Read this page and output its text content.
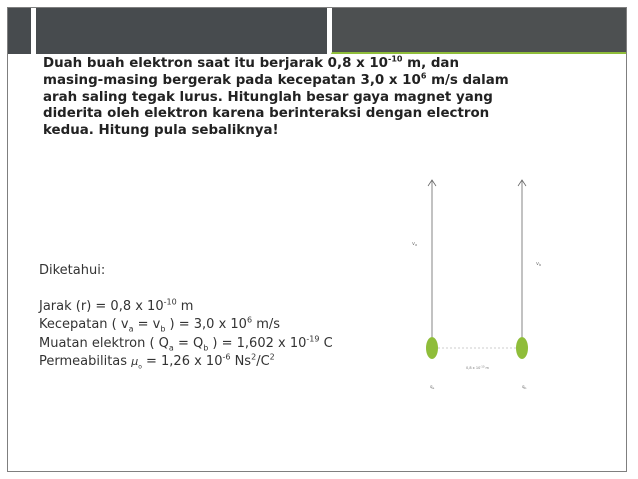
Duah buah elektron saat itu berjarak 0,8 x $10^{-10}$ m, dan masing-masing bergerak pada kecepatan 3,0 x $10^6$ m/s dalam arah saling tegak lurus. Hitunglah besar gaya magnet yang diderita oleh elektron karena berinteraksi dengan electron kedua. Hitung pula sebaliknya!
Diketahui:
Jarak (r) = 0,8 x $10^{-10}$ m
Kecepatan ( $v_a = v_b$ ) = 3,0 x $10^6$ m/s
Muatan elektron ( $Q_a = Q_b$ ) = 1,602 x $10^{-19}$ C
Permeabilitas $\mu_o = 1,26$ x $10^{-6}$ $Ns^2/C^2$
$v_a$
$v_b$
0,8 x $10^{-10}$ m
$q_a$	$q_b$
